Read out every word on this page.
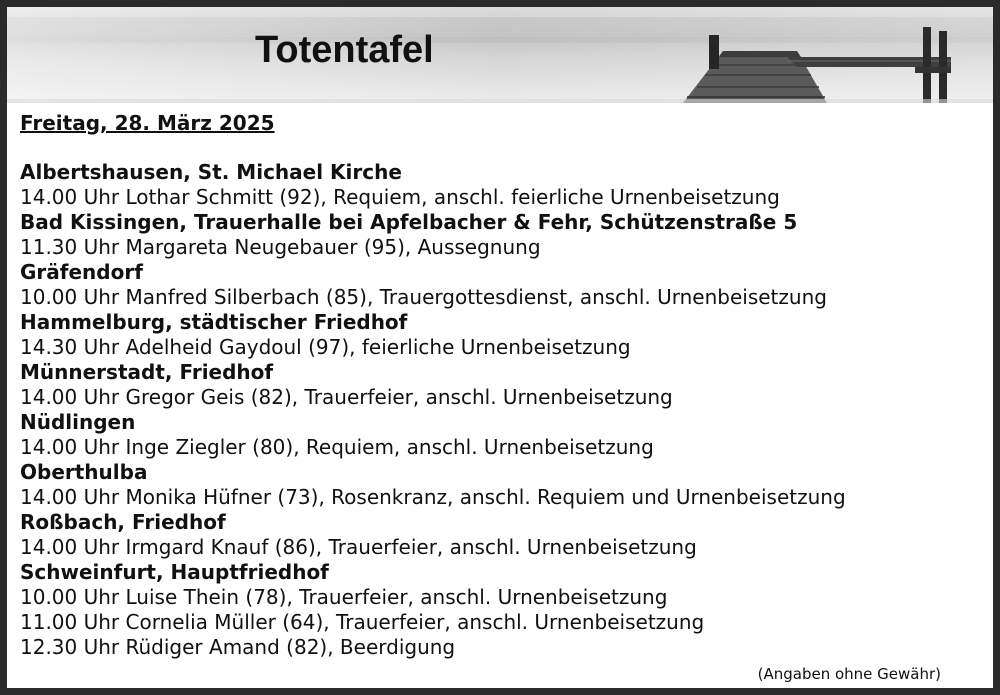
Totentafel

Freitag, 28. März 2025

Albertshausen, St. Michael Kirche

14.00 Uhr Lothar Schmitt (92), Requiem, anschl. feierliche Urnenbeisetzung

Bad Kissingen, Trauerhalle bei Apfelbacher & Fehr, Schützenstraße 5

11.30 Uhr Margareta Neugebauer (95), Aussegnung

Gräfendorf

10.00 Uhr Manfred Silberbach (85), Trauergottesdienst, anschl. Urnenbeisetzung

Hammelburg, städtischer Friedhof

14.30 Uhr Adelheid Gaydoul (97), feierliche Urnenbeisetzung

Münnerstadt, Friedhof

14.00 Uhr Gregor Geis (82), Trauerfeier, anschl. Urnenbeisetzung

Nüdlingen

14.00 Uhr Inge Ziegler (80), Requiem, anschl. Urnenbeisetzung

Oberthulba

14.00 Uhr Monika Hüfner (73), Rosenkranz, anschl. Requiem und Urnenbeisetzung

Roßbach, Friedhof

14.00 Uhr Irmgard Knauf (86), Trauerfeier, anschl. Urnenbeisetzung

Schweinfurt, Hauptfriedhof

10.00 Uhr Luise Thein (78), Trauerfeier, anschl. Urnenbeisetzung

11.00 Uhr Cornelia Müller (64), Trauerfeier, anschl. Urnenbeisetzung

12.30 Uhr Rüdiger Amand (82), Beerdigung

(Angaben ohne Gewähr)
